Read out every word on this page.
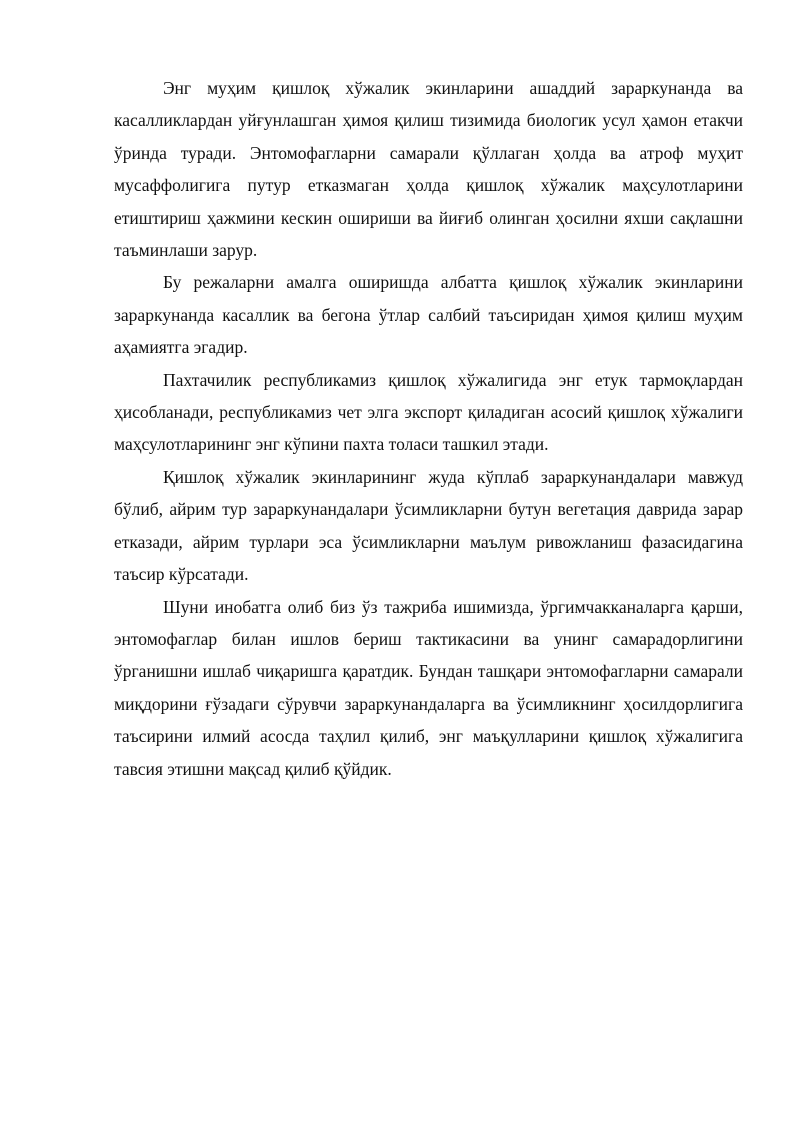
Энг муҳим қишлоқ хўжалик экинларини ашаддий зараркунанда ва касалликлардан уйғунлашган ҳимоя қилиш тизимида биологик усул ҳамон етакчи ўринда туради. Энтомофагларни самарали қўллаган ҳолда ва атроф муҳит мусаффолигига путур етказмаган ҳолда қишлоқ хўжалик маҳсулотларини етиштириш ҳажмини кескин ошириши ва йиғиб олинган ҳосилни яхши сақлашни таъминлаши зарур.

Бу режаларни амалга оширишда албатта қишлоқ хўжалик экинларини зараркунанда касаллик ва бегона ўтлар салбий таъсиридан ҳимоя қилиш муҳим аҳамиятга эгадир.

Пахтачилик республикамиз қишлоқ хўжалигида энг етук тармоқлардан ҳисобланади, республикамиз чет элга экспорт қиладиган асосий қишлоқ хўжалиги маҳсулотларининг энг кўпини пахта толаси ташкил этади.

Қишлоқ хўжалик экинларининг жуда кўплаб зараркунандалари мавжуд бўлиб, айрим тур зараркунандалари ўсимликларни бутун вегетация даврида зарар етказади, айрим турлари эса ўсимликларни маълум ривожланиш фазасидагина таъсир кўрсатади.

Шуни инобатга олиб биз ўз тажриба ишимизда, ўргимчакканаларга қарши, энтомофаглар билан ишлов бериш тактикасини ва унинг самарадорлигини ўрганишни ишлаб чиқаришга қаратдик. Бундан ташқари энтомофагларни самарали миқдорини ғўзадаги сўрувчи зараркунандаларга ва ўсимликнинг ҳосилдорлигига таъсирини илмий асосда таҳлил қилиб, энг маъқулларини қишлоқ хўжалигига тавсия этишни мақсад қилиб қўйдик.
